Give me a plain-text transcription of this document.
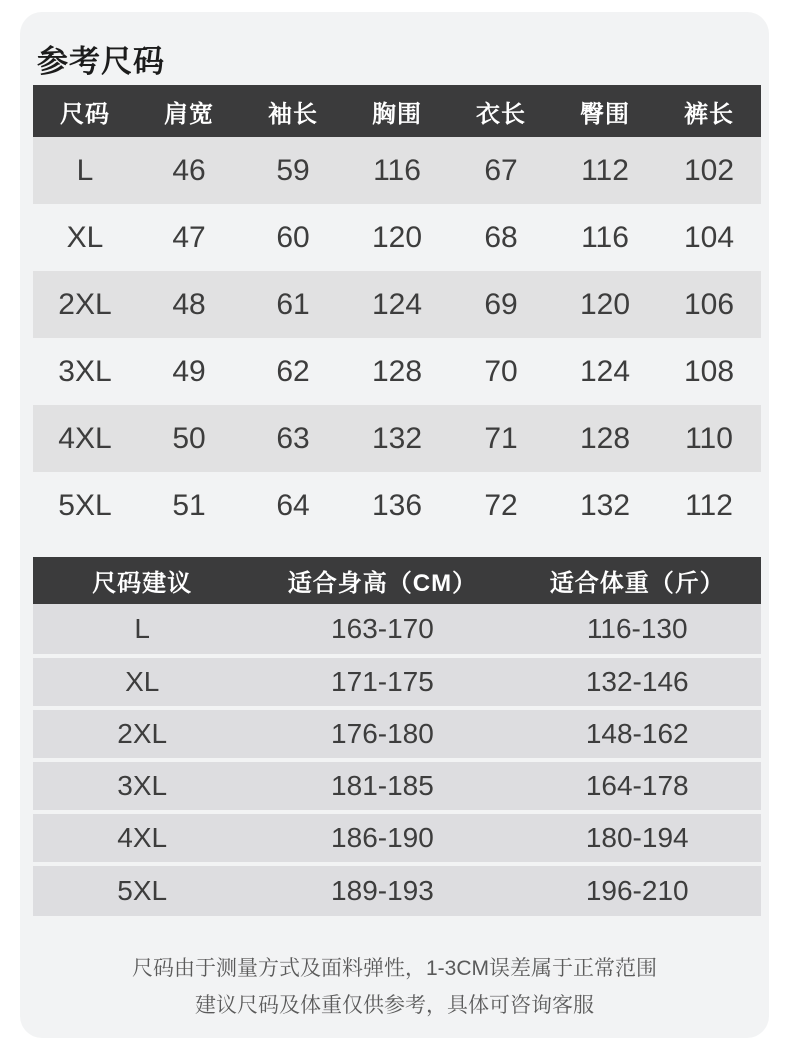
参考尺码
尺码	肩宽	袖长	胸围	衣长	臀围	裤长
L	46	59	116	67	112	102
XL	47	60	120	68	116	104
2XL	48	61	124	69	120	106
3XL	49	62	128	70	124	108
4XL	50	63	132	71	128	110
5XL	51	64	136	72	132	112
尺码建议	适合身高（CM）	适合体重（斤）
L	163-170	116-130
XL	171-175	132-146
2XL	176-180	148-162
3XL	181-185	164-178
4XL	186-190	180-194
5XL	189-193	196-210

尺码由于测量方式及面料弹性，1-3CM误差属于正常范围

建议尺码及体重仅供参考，具体可咨询客服
